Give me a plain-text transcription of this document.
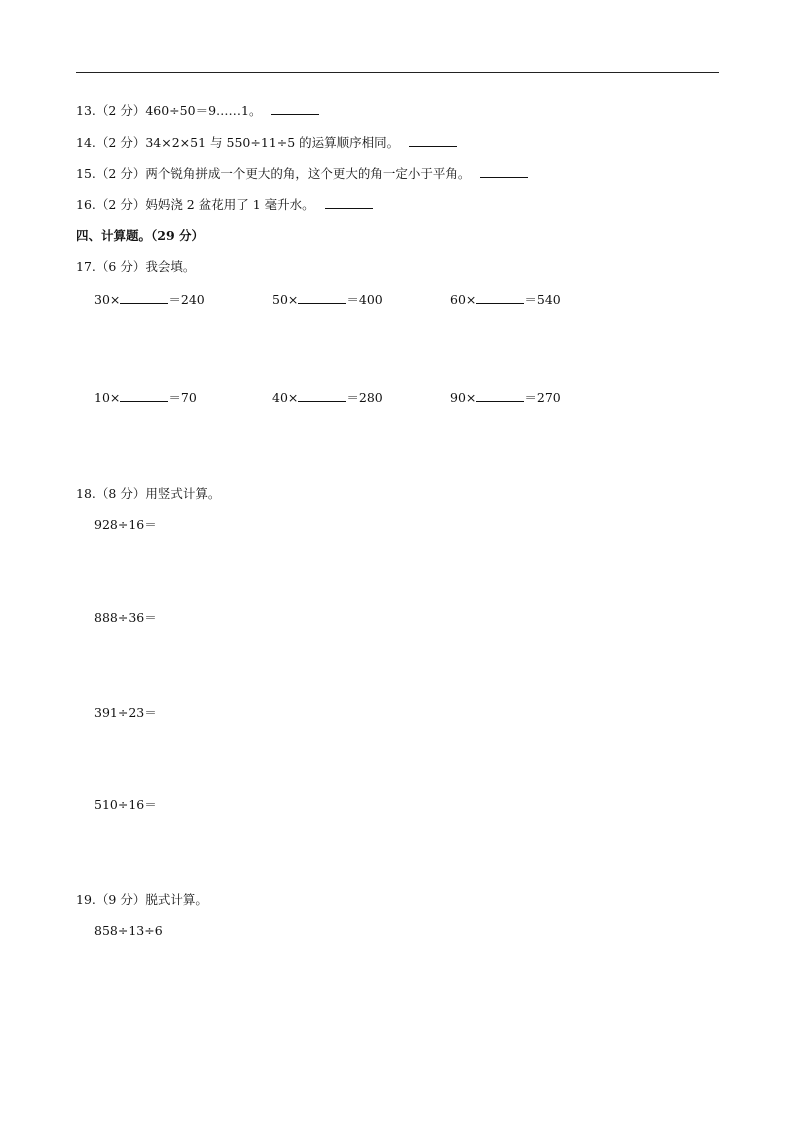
13.（2 分）460÷50＝9……1。
14.（2 分）34×2×51 与 550÷11÷5 的运算顺序相同。
15.（2 分）两个锐角拼成一个更大的角，这个更大的角一定小于平角。
16.（2 分）妈妈浇 2 盆花用了 1 毫升水。
四、计算题。（29 分）
17.（6 分）我会填。
30×	＝240	50×	＝400	60×	＝540
10×	＝70	40×	＝280	90×	＝270
18.（8 分）用竖式计算。
928÷16＝
888÷36＝
391÷23＝
510÷16＝
19.（9 分）脱式计算。
858÷13÷6
